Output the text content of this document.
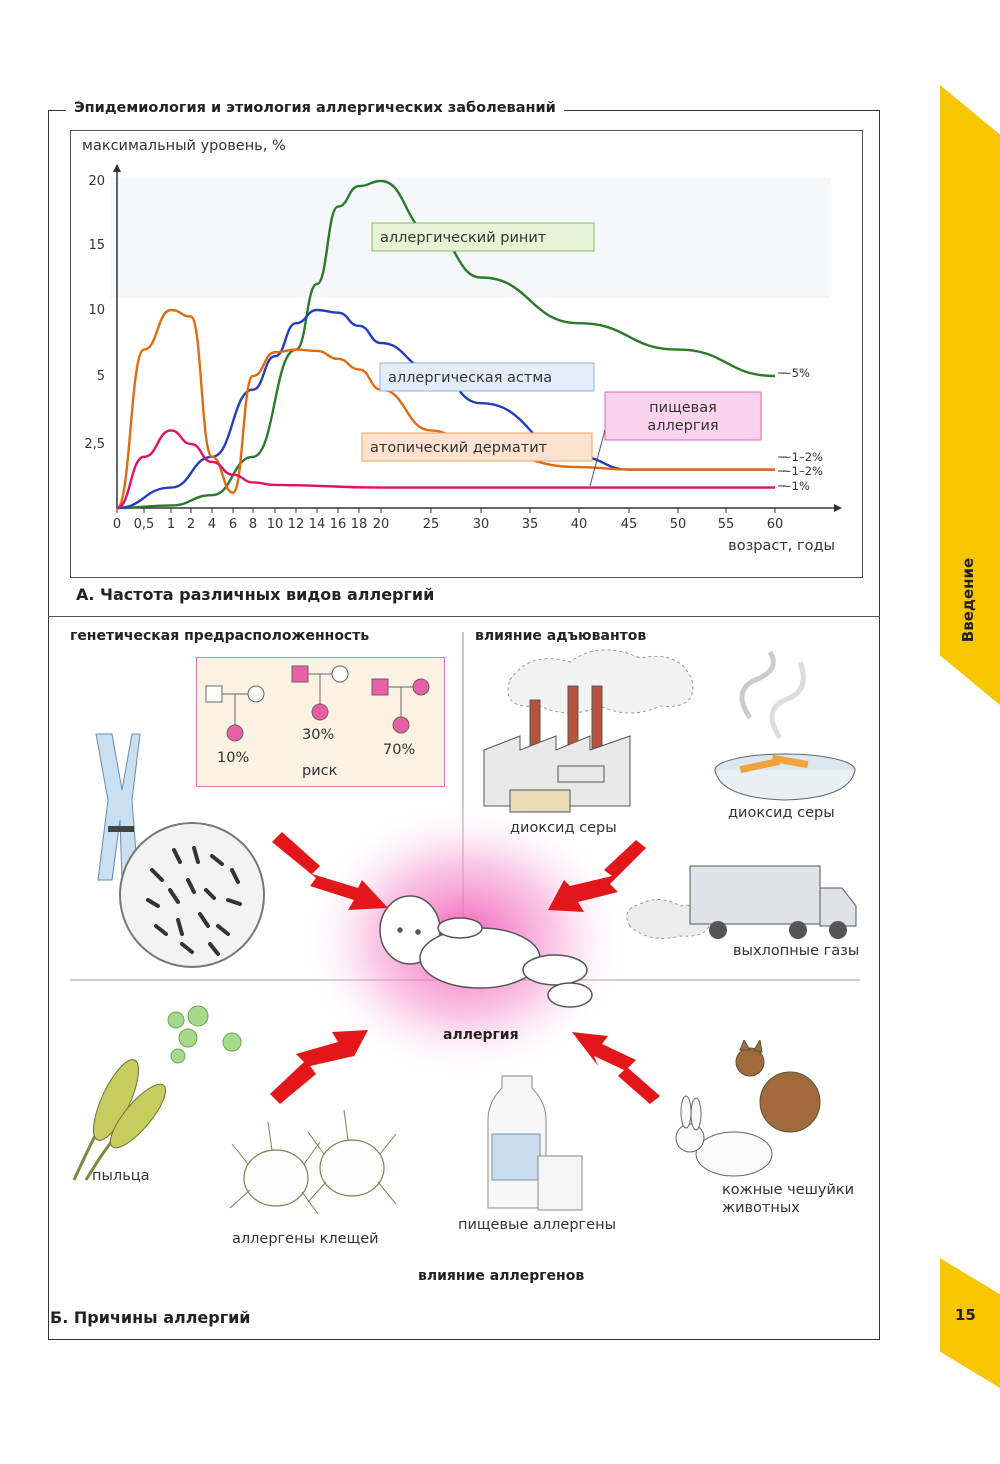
Введение
15
Эпидемиология и этиология аллергических заболеваний
20
15
10
5
2,5
0 0,5 1 2 4 6 8 10 12 14 16 18 20	25	30 35 40	45 50 55 60
максимальный уровень, %
возраст, годы
аллергический ринит
аллергическая астма
атопический дерматит
пищевая
аллергия
~5%
~1–2%
~1–2%
~1%
А. Частота различных видов аллергий
генетическая предрасположенность	влияние адъювантов
10%
30%
70%
риск
аллергия
диоксид серы
диоксид серы
выхлопные газы
пыльца
аллергены клещей
пищевые аллергены
кожные чешуйки
животных
влияние аллергенов
Б. Причины аллергий
